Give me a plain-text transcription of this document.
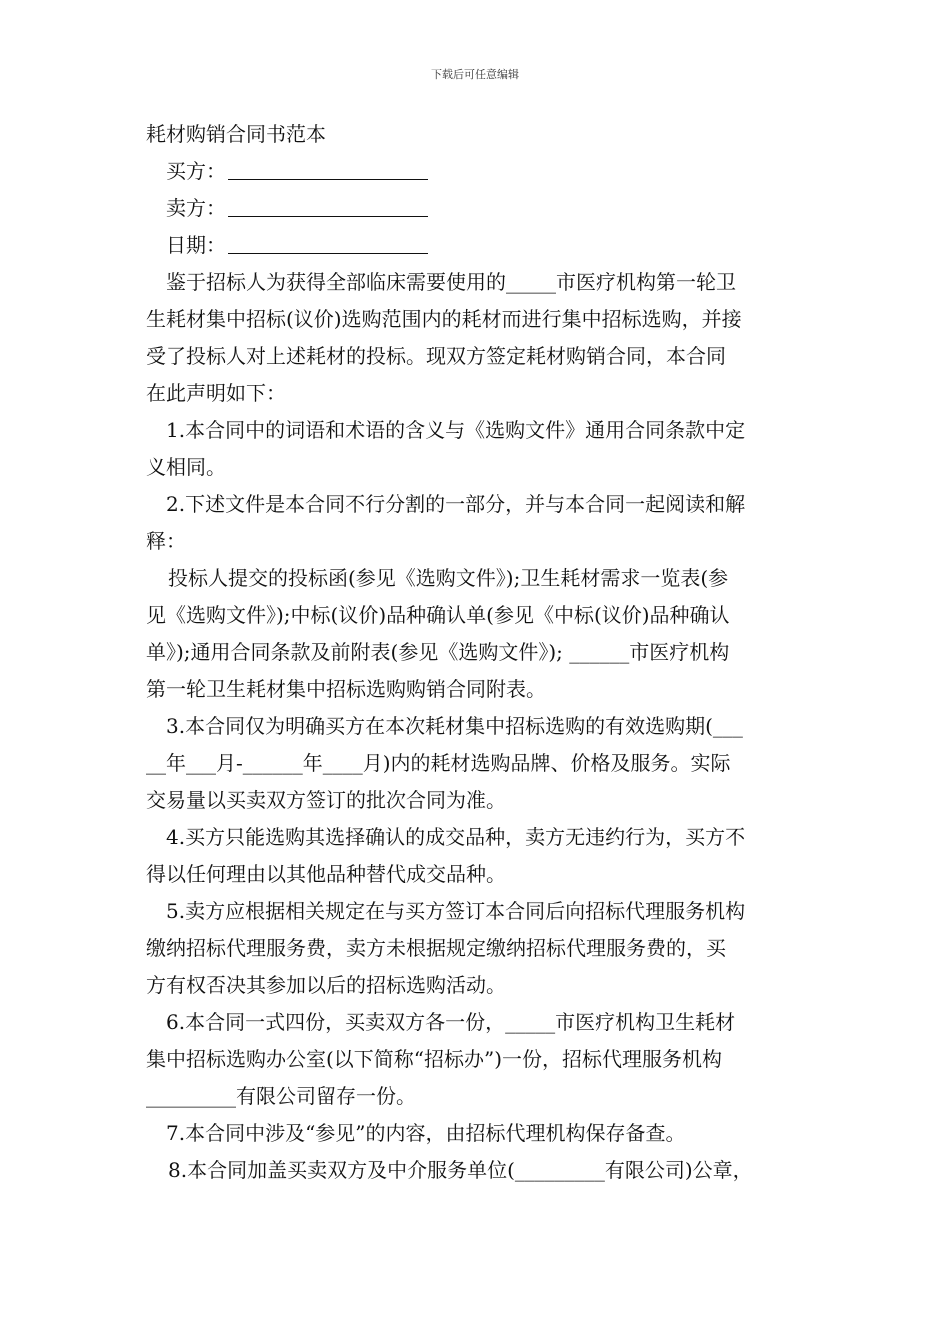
下载后可任意编辑
耗材购销合同书范本
买方：
卖方：
日期：
鉴于招标人为获得全部临床需要使用的_____市医疗机构第一轮卫
生耗材集中招标(议价)选购范围内的耗材而进行集中招标选购，并接
受了投标人对上述耗材的投标。现双方签定耗材购销合同，本合同
在此声明如下：
1.本合同中的词语和术语的含义与《选购文件》通用合同条款中定
义相同。
2.下述文件是本合同不行分割的一部分，并与本合同一起阅读和解
释：
投标人提交的投标函(参见《选购文件》);卫生耗材需求一览表(参
见《选购文件》);中标(议价)品种确认单(参见《中标(议价)品种确认
单》);通用合同条款及前附表(参见《选购文件》); ______市医疗机构
第一轮卫生耗材集中招标选购购销合同附表。
3.本合同仅为明确买方在本次耗材集中招标选购的有效选购期(___
__年___月-______年____月)内的耗材选购品牌、价格及服务。实际
交易量以买卖双方签订的批次合同为准。
4.买方只能选购其选择确认的成交品种，卖方无违约行为，买方不
得以任何理由以其他品种替代成交品种。
5.卖方应根据相关规定在与买方签订本合同后向招标代理服务机构
缴纳招标代理服务费，卖方未根据规定缴纳招标代理服务费的，买
方有权否决其参加以后的招标选购活动。
6.本合同一式四份，买卖双方各一份，_____市医疗机构卫生耗材
集中招标选购办公室(以下简称“招标办”)一份，招标代理服务机构
_________有限公司留存一份。
7.本合同中涉及“参见”的内容，由招标代理机构保存备查。
8.本合同加盖买卖双方及中介服务单位(_________有限公司)公章，
